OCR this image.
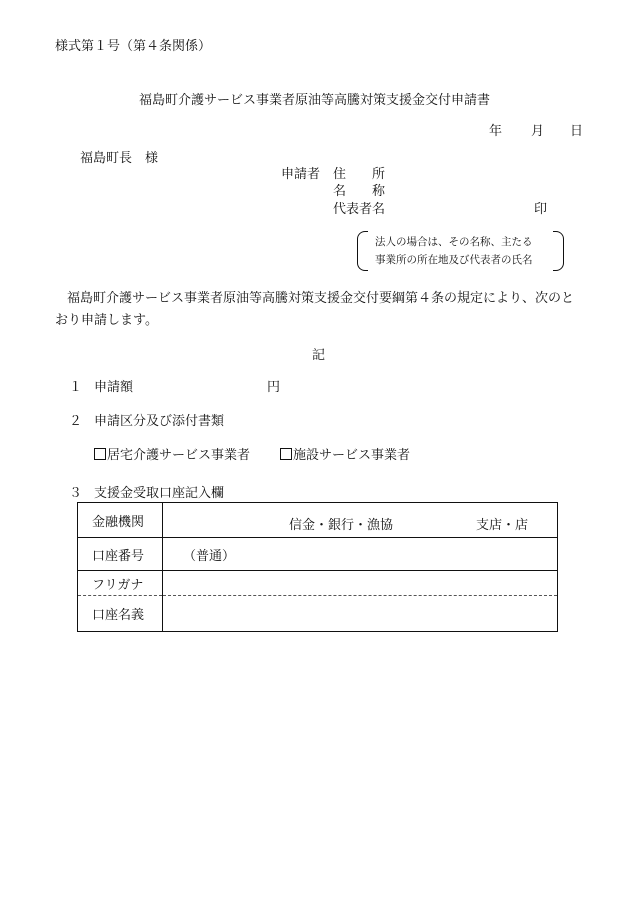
様式第１号（第４条関係）
福島町介護サービス事業者原油等高騰対策支援金交付申請書
年 月 日
福島町長　様
申請者 住　　所
名　　称
代表者名	印
法人の場合は、その名称、主たる
事業所の所在地及び代表者の氏名
福島町介護サービス事業者原油等高騰対策支援金交付要綱第４条の規定により、次のと
おり申請します。
記
１ 申請額	円
２ 申請区分及び添付書類
居宅介護サービス事業者	施設サービス事業者
３ 支援金受取口座記入欄
金融機関	信金・銀行・漁協 支店・店

口座番号	（普通）
フリガナ	
口座名義	
